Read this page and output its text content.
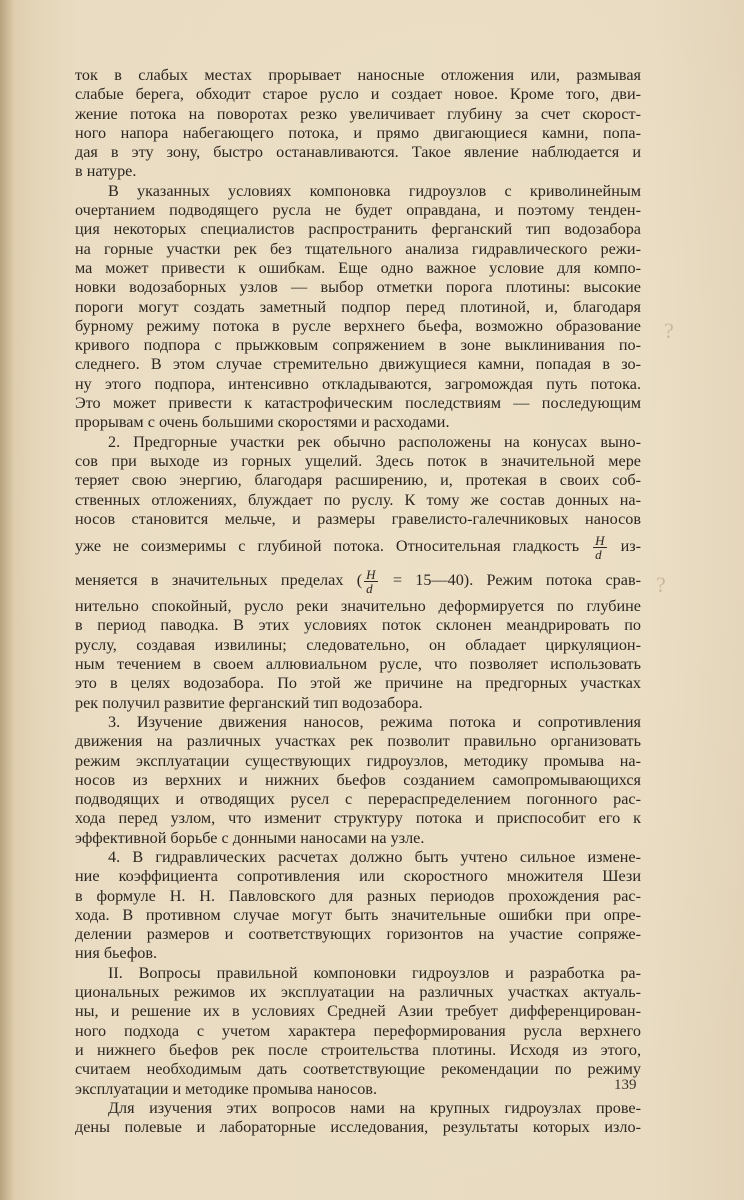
ток в слабых местах прорывает наносные отложения или, размывая
слабые берега, обходит старое русло и создает новое. Кроме того, дви-
жение потока на поворотах резко увеличивает глубину за счет скорост-
ного напора набегающего потока, и прямо двигающиеся камни, попа-
дая в эту зону, быстро останавливаются. Такое явление наблюдается и
в натуре.
В указанных условиях компоновка гидроузлов с криволинейным
очертанием подводящего русла не будет оправдана, и поэтому тенден-
ция некоторых специалистов распространить ферганский тип водозабора
на горные участки рек без тщательного анализа гидравлического режи-
ма может привести к ошибкам. Еще одно важное условие для компо-
новки водозаборных узлов — выбор отметки порога плотины: высокие
пороги могут создать заметный подпор перед плотиной, и, благодаря
бурному режиму потока в русле верхнего бьефа, возможно образование
кривого подпора с прыжковым сопряжением в зоне выклинивания по-
следнего. В этом случае стремительно движущиеся камни, попадая в зо-
ну этого подпора, интенсивно откладываются, загромождая путь потока.
Это может привести к катастрофическим последствиям — последующим
прорывам с очень большими скоростями и расходами.
2. Предгорные участки рек обычно расположены на конусах выно-
сов при выходе из горных ущелий. Здесь поток в значительной мере
теряет свою энергию, благодаря расширению, и, протекая в своих соб-
ственных отложениях, блуждает по руслу. К тому же состав донных на-
носов становится мельче, и размеры гравелисто-галечниковых наносов
уже не соизмеримы с глубиной потока. Относительная гладкость $\frac{H}{d} из-$
меняется в значительных пределах ( $\frac{H}{d}$ = 15—40). Режим потока срав-
нительно спокойный, русло реки значительно деформируется по глубине
в период паводка. В этих условиях поток склонен меандрировать по
руслу, создавая извилины; следовательно, он обладает циркуляцион-
ным течением в своем аллювиальном русле, что позволяет использовать
это в целях водозабора. По этой же причине на предгорных участках
рек получил развитие ферганский тип водозабора.
3. Изучение движения наносов, режима потока и сопротивления
движения на различных участках рек позволит правильно организовать
режим эксплуатации существующих гидроузлов, методику промыва на-
носов из верхних и нижних бьефов созданием самопромывающихся
подводящих и отводящих русел с перераспределением погонного рас-
хода перед узлом, что изменит структуру потока и приспособит его к
эффективной борьбе с донными наносами на узле.
4. В гидравлических расчетах должно быть учтено сильное измене-
ние коэффициента сопротивления или скоростного множителя Шези
в формуле Н. Н. Павловского для разных периодов прохождения рас-
хода. В противном случае могут быть значительные ошибки при опре-
делении размеров и соответствующих горизонтов на участие сопряже-
ния бьефов.
II. Вопросы правильной компоновки гидроузлов и разработка ра-
циональных режимов их эксплуатации на различных участках актуаль-
ны, и решение их в условиях Средней Азии требует дифференцирован-
ного подхода с учетом характера переформирования русла верхнего
и нижнего бьефов рек после строительства плотины. Исходя из этого,
считаем необходимым дать соответствующие рекомендации по режиму
эксплуатации и методике промыва наносов.
Для изучения этих вопросов нами на крупных гидроузлах прове-
дены полевые и лабораторные исследования, результаты которых изло-
?
?
139
